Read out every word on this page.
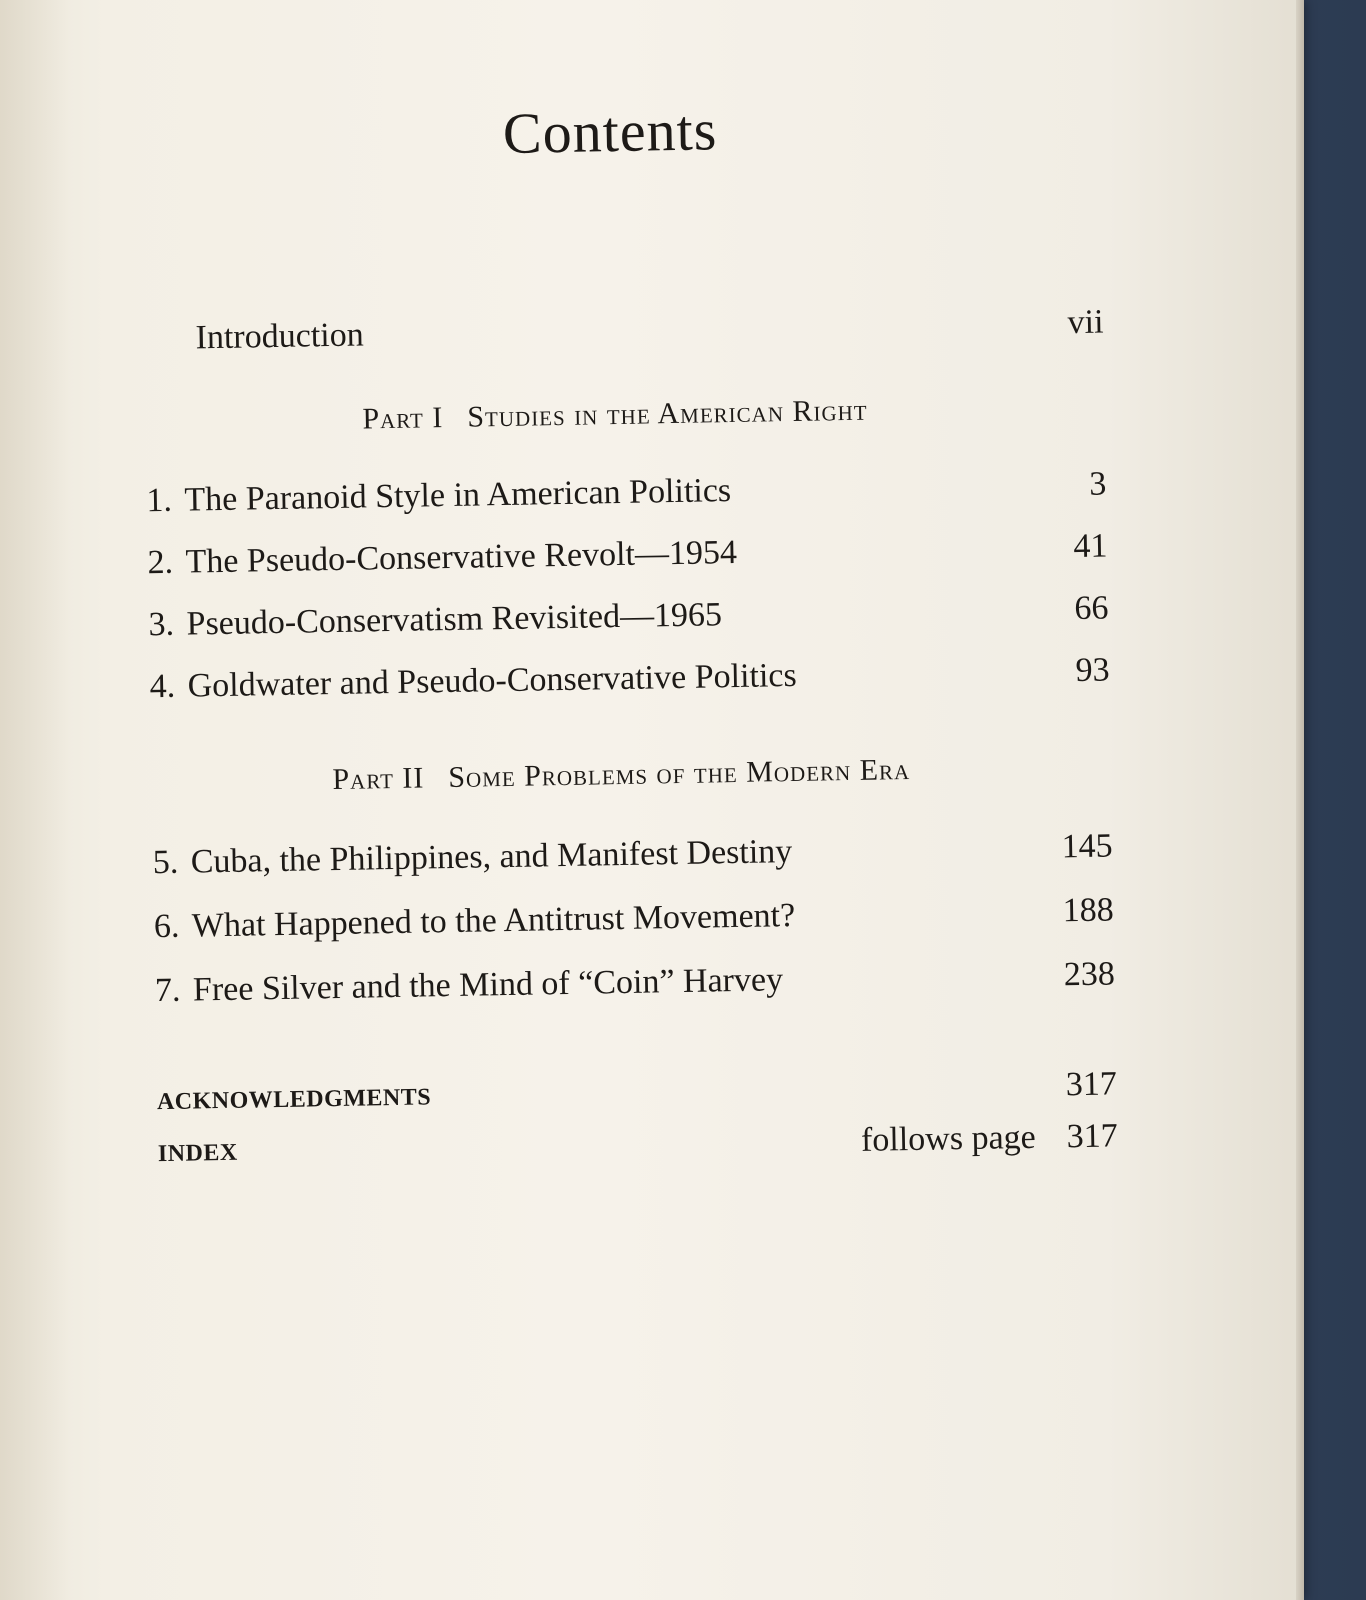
Contents
Introduction	vii
Part I Studies in the American Right
1. The Paranoid Style in American Politics	3
2. The Pseudo-Conservative Revolt—1954	41
3. Pseudo-Conservatism Revisited—1965	66
4. Goldwater and Pseudo-Conservative Politics	93
Part II Some Problems of the Modern Era
5. Cuba, the Philippines, and Manifest Destiny	145
6. What Happened to the Antitrust Movement?	188
7. Free Silver and the Mind of “Coin” Harvey	238
ACKNOWLEDGMENTS	317
INDEX	follows page 317
